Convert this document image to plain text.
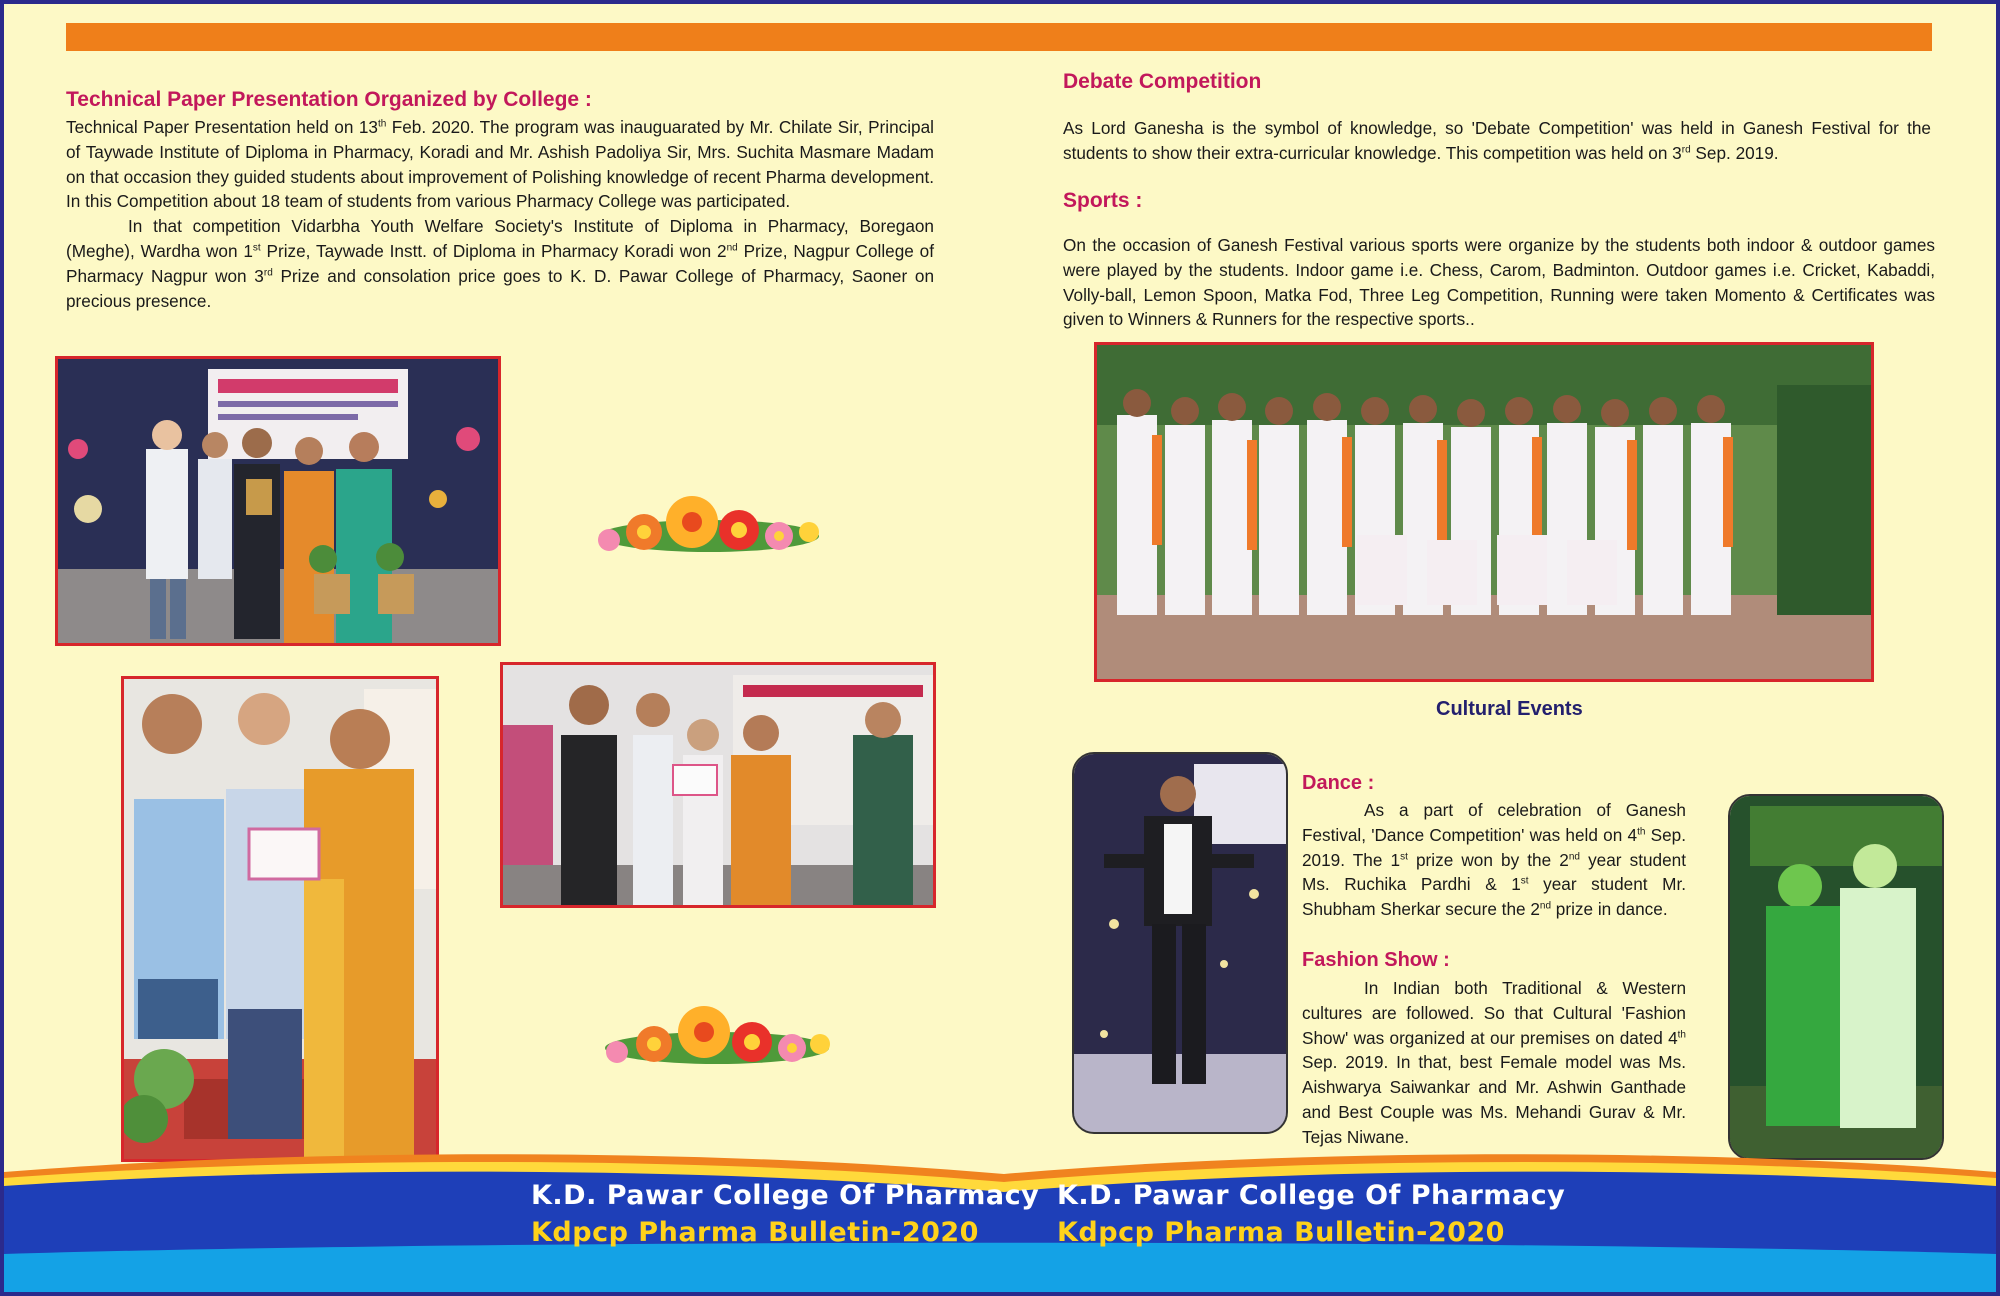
Technical Paper Presentation Organized by College :

Technical Paper Presentation held on 13th Feb. 2020. The program was inauguarated by Mr. Chilate Sir, Principal of Taywade Institute of Diploma in Pharmacy, Koradi and Mr. Ashish Padoliya Sir, Mrs. Suchita Masmare Madam on that occasion they guided students about improvement of Polishing knowledge of recent Pharma development. In this Competition about 18 team of students from various Pharmacy College was participated.

In that competition Vidarbha Youth Welfare Society's Institute of Diploma in Pharmacy, Boregaon (Meghe), Wardha won 1st Prize, Taywade Instt. of Diploma in Pharmacy Koradi won 2nd Prize, Nagpur College of Pharmacy Nagpur won 3rd Prize and consolation price goes to K. D. Pawar College of Pharmacy, Saoner on precious presence.

Debate Competition

As Lord Ganesha is the symbol of knowledge, so 'Debate Competition' was held in Ganesh Festival for the students to show their extra-curricular knowledge. This competition was held on 3rd Sep. 2019.

Sports :
On the occasion of Ganesh Festival various sports were organize by the students both indoor & outdoor games were played by the students. Indoor game i.e. Chess, Carom, Badminton. Outdoor games i.e. Cricket, Kabaddi, Volly-ball, Lemon Spoon, Matka Fod, Three Leg Competition, Running were taken Momento & Certificates was given to Winners & Runners for the respective sports..
Cultural Events
Dance :

As a part of celebration of Ganesh Festival, 'Dance Competition' was held on 4th Sep. 2019. The 1st prize won by the 2nd year student Ms. Ruchika Pardhi & 1st year student Mr. Shubham Sherkar secure the 2nd prize in dance.

Fashion Show :

In Indian both Traditional & Western cultures are followed. So that Cultural 'Fashion Show' was organized at our premises on dated 4th Sep. 2019. In that, best Female model was Ms. Aishwarya Saiwankar and Mr. Ashwin Ganthade and Best Couple was Ms. Mehandi Gurav & Mr. Tejas Niwane.

K.D. Pawar College Of Pharmacy
Kdpcp Pharma Bulletin-2020
K.D. Pawar College Of Pharmacy
Kdpcp Pharma Bulletin-2020
